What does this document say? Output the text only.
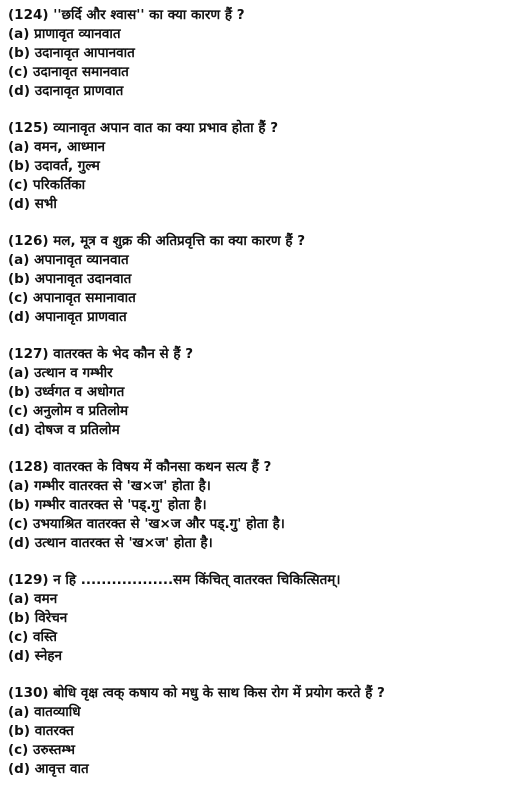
(124) ''छर्दि और श्वास'' का क्या कारण हैं ?
(a) प्राणावृत व्यानवात
(b) उदानावृत आपानवात
(c) उदानावृत समानवात
(d) उदानावृत प्राणवात
(125) व्यानावृत अपान वात का क्या प्रभाव होता हैं ?
(a) वमन, आध्मान
(b) उदावर्त, गुल्म
(c) परिकर्तिका
(d) सभी
(126) मल, मूत्र व शुक्र की अतिप्रवृत्ति का क्या कारण हैं ?
(a) अपानावृत व्यानवात
(b) अपानावृत उदानवात
(c) अपानावृत समानावात
(d) अपानावृत प्राणवात
(127) वातरक्त के भेद कौन से हैं ?
(a) उत्थान व गम्भीर
(b) उर्ध्वगत व अधोगत
(c) अनुलोम व प्रतिलोम
(d) दोषज व प्रतिलोम
(128) वातरक्त के विषय में कौनसा कथन सत्य हैं ?
(a) गम्भीर वातरक्त से 'ख×ज' होता है।
(b) गम्भीर वातरक्त से 'पड्.गु' होता है।
(c) उभयाश्रित वातरक्त से 'ख×ज और पड्.गु' होता है।
(d) उत्थान वातरक्त से 'ख×ज' होता है।
(129) न हि ..................सम किंचित् वातरक्त चिकित्सितम्।
(a) वमन
(b) विरेचन
(c) वस्ति
(d) स्नेहन
(130) बोधि वृक्ष त्वक् कषाय को मधु के साथ किस रोग में प्रयोग करते हैं ?
(a) वातव्याधि
(b) वातरक्त
(c) उरुस्तम्भ
(d) आवृत्त वात
